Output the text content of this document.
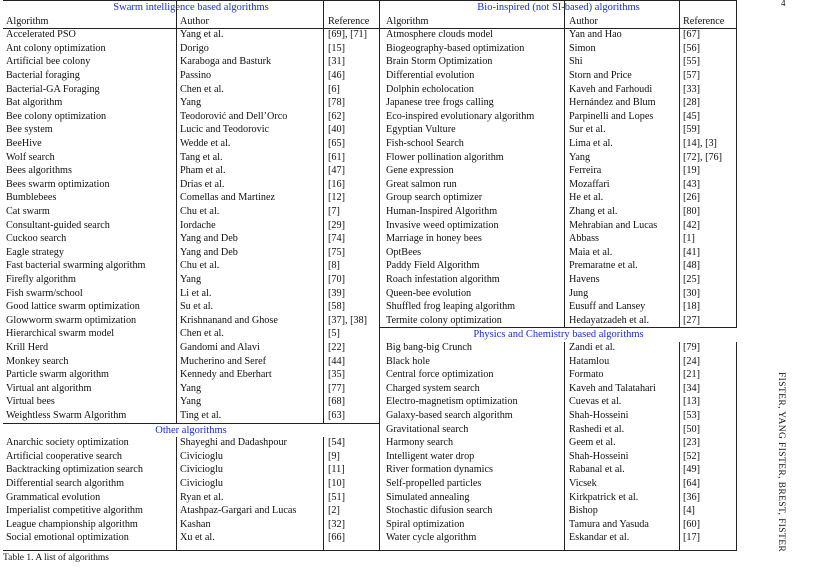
4
FISTER, YANG FISTER, BREST, FISTER
Swarm intelligence based algorithms
Algorithm	Author	Reference
Accelerated PSO	Yang et al.	[69], [71]
Ant colony optimization	Dorigo	[15]
Artificial bee colony	Karaboga and Basturk	[31]
Bacterial foraging	Passino	[46]
Bacterial-GA Foraging	Chen et al.	[6]
Bat algorithm	Yang	[78]
Bee colony optimization	Teodorović and Dell’Orco	[62]
Bee system	Lucic and Teodorovic	[40]
BeeHive	Wedde et al.	[65]
Wolf search	Tang et al.	[61]
Bees algorithms	Pham et al.	[47]
Bees swarm optimization	Drias et al.	[16]
Bumblebees	Comellas and Martinez	[12]
Cat swarm	Chu et al.	[7]
Consultant-guided search	Iordache	[29]
Cuckoo search	Yang and Deb	[74]
Eagle strategy	Yang and Deb	[75]
Fast bacterial swarming algorithm	Chu et al.	[8]
Firefly algorithm	Yang	[70]
Fish swarm/school	Li et al.	[39]
Good lattice swarm optimization	Su et al.	[58]
Glowworm swarm optimization	Krishnanand and Ghose	[37], [38]
Hierarchical swarm model	Chen et al.	[5]
Krill Herd	Gandomi and Alavi	[22]
Monkey search	Mucherino and Seref	[44]
Particle swarm algorithm	Kennedy and Eberhart	[35]
Virtual ant algorithm	Yang	[77]
Virtual bees	Yang	[68]
Weightless Swarm Algorithm	Ting et al.	[63]
Other algorithms
Anarchic society optimization	Shayeghi and Dadashpour	[54]
Artificial cooperative search	Civicioglu	[9]
Backtracking optimization search	Civicioglu	[11]
Differential search algorithm	Civicioglu	[10]
Grammatical evolution	Ryan et al.	[51]
Imperialist competitive algorithm	Atashpaz-Gargari and Lucas	[2]
League championship algorithm	Kashan	[32]
Social emotional optimization	Xu et al.	[66]
Bio-inspired (not SI-based) algorithms
Algorithm	Author	Reference
Atmosphere clouds model	Yan and Hao	[67]
Biogeography-based optimization	Simon	[56]
Brain Storm Optimization	Shi	[55]
Differential evolution	Storn and Price	[57]
Dolphin echolocation	Kaveh and Farhoudi	[33]
Japanese tree frogs calling	Hernández and Blum	[28]
Eco-inspired evolutionary algorithm	Parpinelli and Lopes	[45]
Egyptian Vulture	Sur et al.	[59]
Fish-school Search	Lima et al.	[14], [3]
Flower pollination algorithm	Yang	[72], [76]
Gene expression	Ferreira	[19]
Great salmon run	Mozaffari	[43]
Group search optimizer	He et al.	[26]
Human-Inspired Algorithm	Zhang et al.	[80]
Invasive weed optimization	Mehrabian and Lucas	[42]
Marriage in honey bees	Abbass	[1]
OptBees	Maia et al.	[41]
Paddy Field Algorithm	Premaratne et al.	[48]
Roach infestation algorithm	Havens	[25]
Queen-bee evolution	Jung	[30]
Shuffled frog leaping algorithm	Eusuff and Lansey	[18]
Termite colony optimization	Hedayatzadeh et al.	[27]
Physics and Chemistry based algorithms
Big bang-big Crunch	Zandi et al.	[79]
Black hole	Hatamlou	[24]
Central force optimization	Formato	[21]
Charged system search	Kaveh and Talatahari	[34]
Electro-magnetism optimization	Cuevas et al.	[13]
Galaxy-based search algorithm	Shah-Hosseini	[53]
Gravitational search	Rashedi et al.	[50]
Harmony search	Geem et al.	[23]
Intelligent water drop	Shah-Hosseini	[52]
River formation dynamics	Rabanal et al.	[49]
Self-propelled particles	Vicsek	[64]
Simulated annealing	Kirkpatrick et al.	[36]
Stochastic difusion search	Bishop	[4]
Spiral optimization	Tamura and Yasuda	[60]
Water cycle algorithm	Eskandar et al.	[17]
Table 1. A list of algorithms
